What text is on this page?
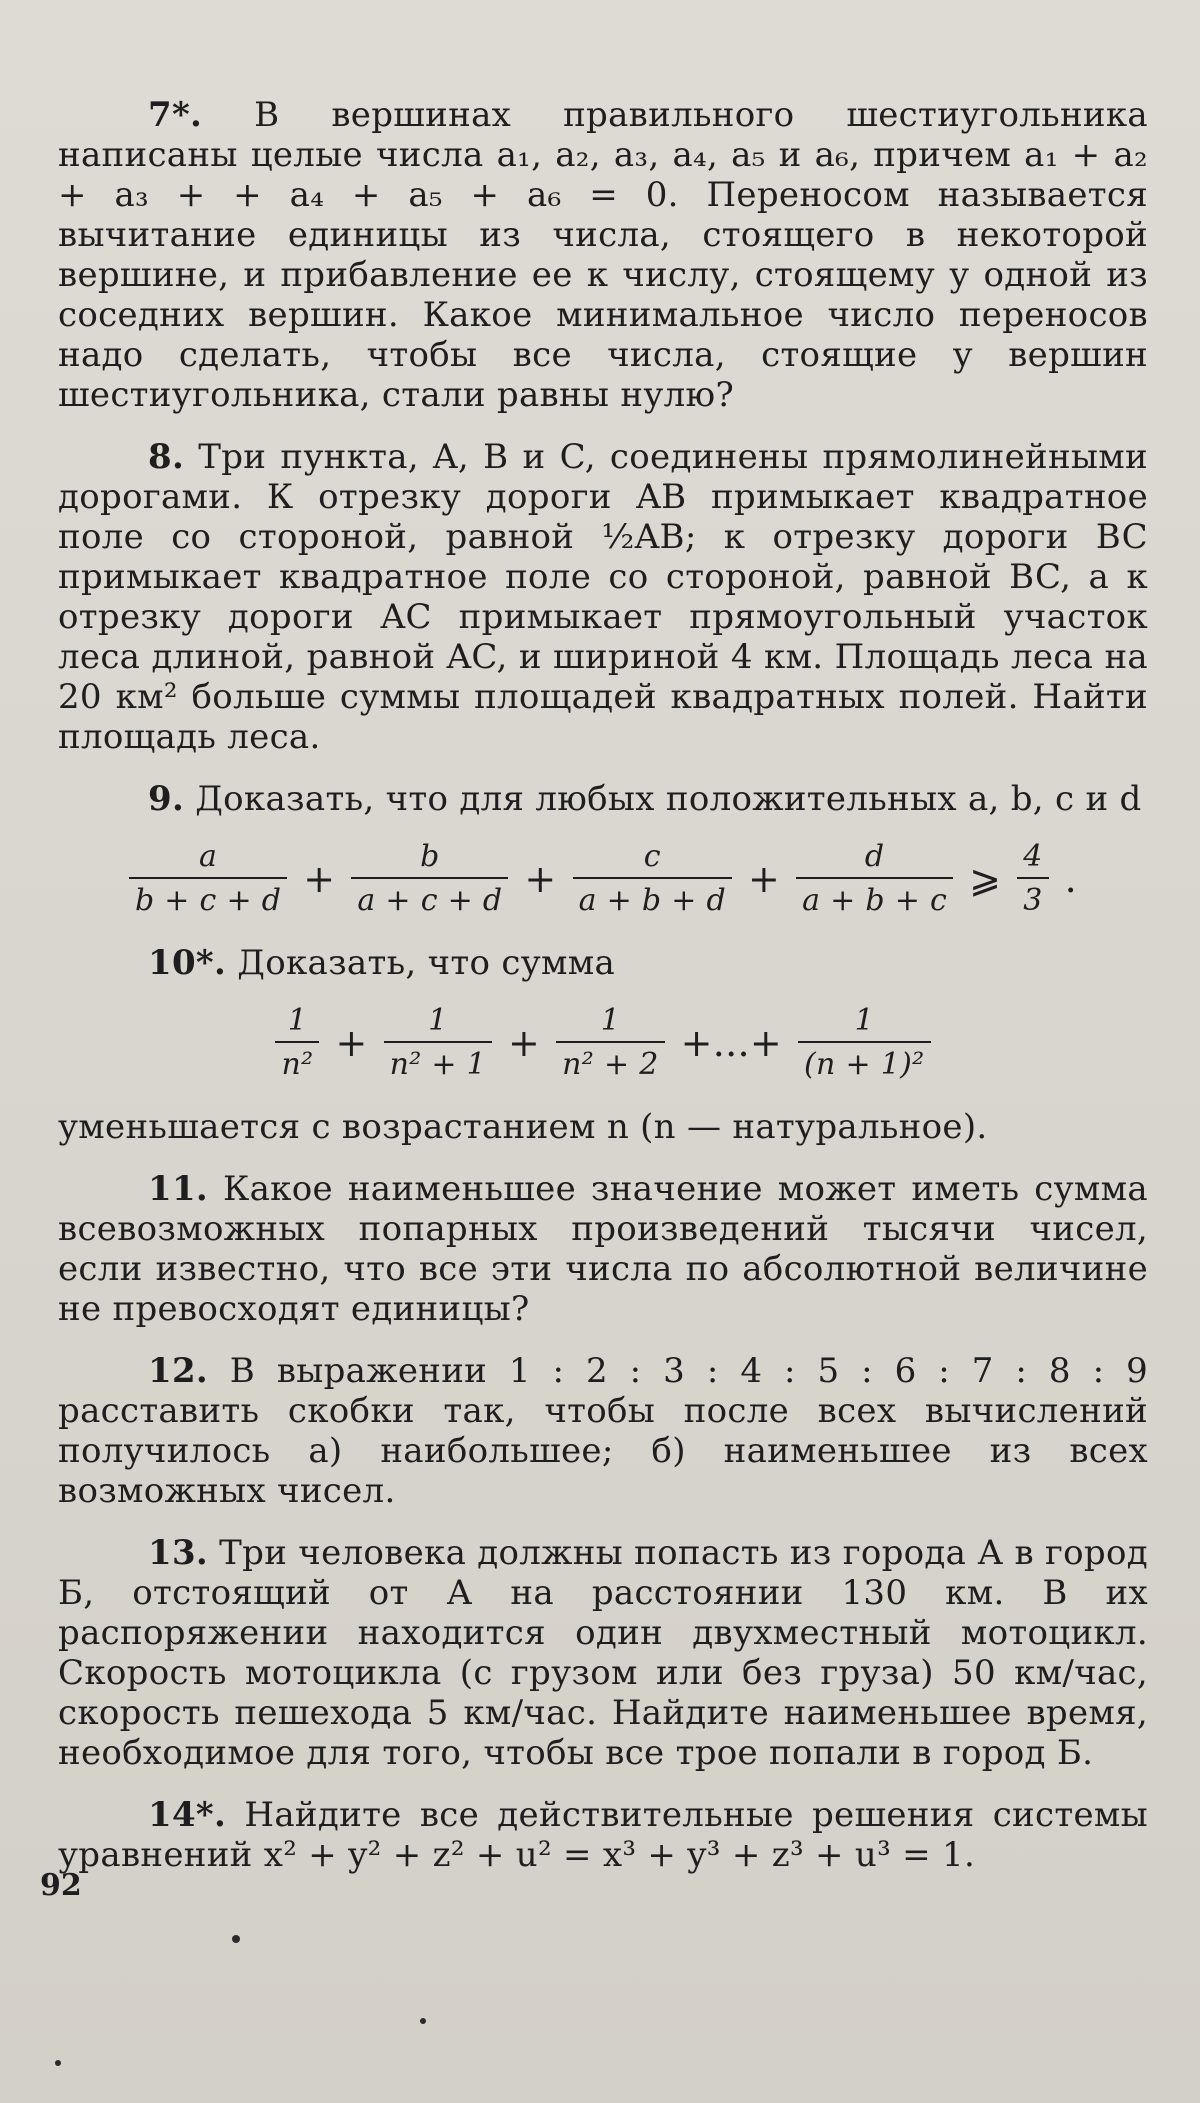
7*. В вершинах правильного шестиугольника написаны целые числа a₁, a₂, a₃, a₄, a₅ и a₆, причем a₁ + a₂ + a₃ + + a₄ + a₅ + a₆ = 0. Переносом называется вычитание единицы из числа, стоящего в некоторой вершине, и прибавление ее к числу, стоящему у одной из соседних вершин. Какое минимальное число переносов надо сделать, чтобы все числа, стоящие у вершин шестиугольника, стали равны нулю?

8. Три пункта, A, B и C, соединены прямолинейными дорогами. К отрезку дороги AB примыкает квадратное поле со стороной, равной ½AB; к отрезку дороги BC примыкает квадратное поле со стороной, равной BC, а к отрезку дороги AC примыкает прямоугольный участок леса длиной, равной AC, и шириной 4 км. Площадь леса на 20 км² больше суммы площадей квадратных полей. Найти площадь леса.

9. Доказать, что для любых положительных a, b, c и d

$\frac{a}{b + c + d} + \frac{b}{a + c + d} + \frac{c}{a + b + d} + \frac{d}{a + b + c}$ ⩾ $\frac{4}{3}$ .

10*. Доказать, что сумма

$\frac{1}{\text{n²}} + \frac{1}{\text{n² + 1}} + \frac{1}{\text{n² + 2}}$ +...+ $\frac{1}{\text{(n + 1)²}}$

уменьшается с возрастанием n (n — натуральное).

11. Какое наименьшее значение может иметь сумма всевозможных попарных произведений тысячи чисел, если известно, что все эти числа по абсолютной величине не превосходят единицы?

12. В выражении 1 : 2 : 3 : 4 : 5 : 6 : 7 : 8 : 9 расставить скобки так, чтобы после всех вычислений получилось а) наибольшее; б) наименьшее из всех возможных чисел.

13. Три человека должны попасть из города А в город Б, отстоящий от А на расстоянии 130 км. В их распоряжении находится один двухместный мотоцикл. Скорость мотоцикла (с грузом или без груза) 50 км/час, скорость пешехода 5 км/час. Найдите наименьшее время, необходимое для того, чтобы все трое попали в город Б.

14*. Найдите все действительные решения системы уравнений x² + y² + z² + u² = x³ + y³ + z³ + u³ = 1.

92
